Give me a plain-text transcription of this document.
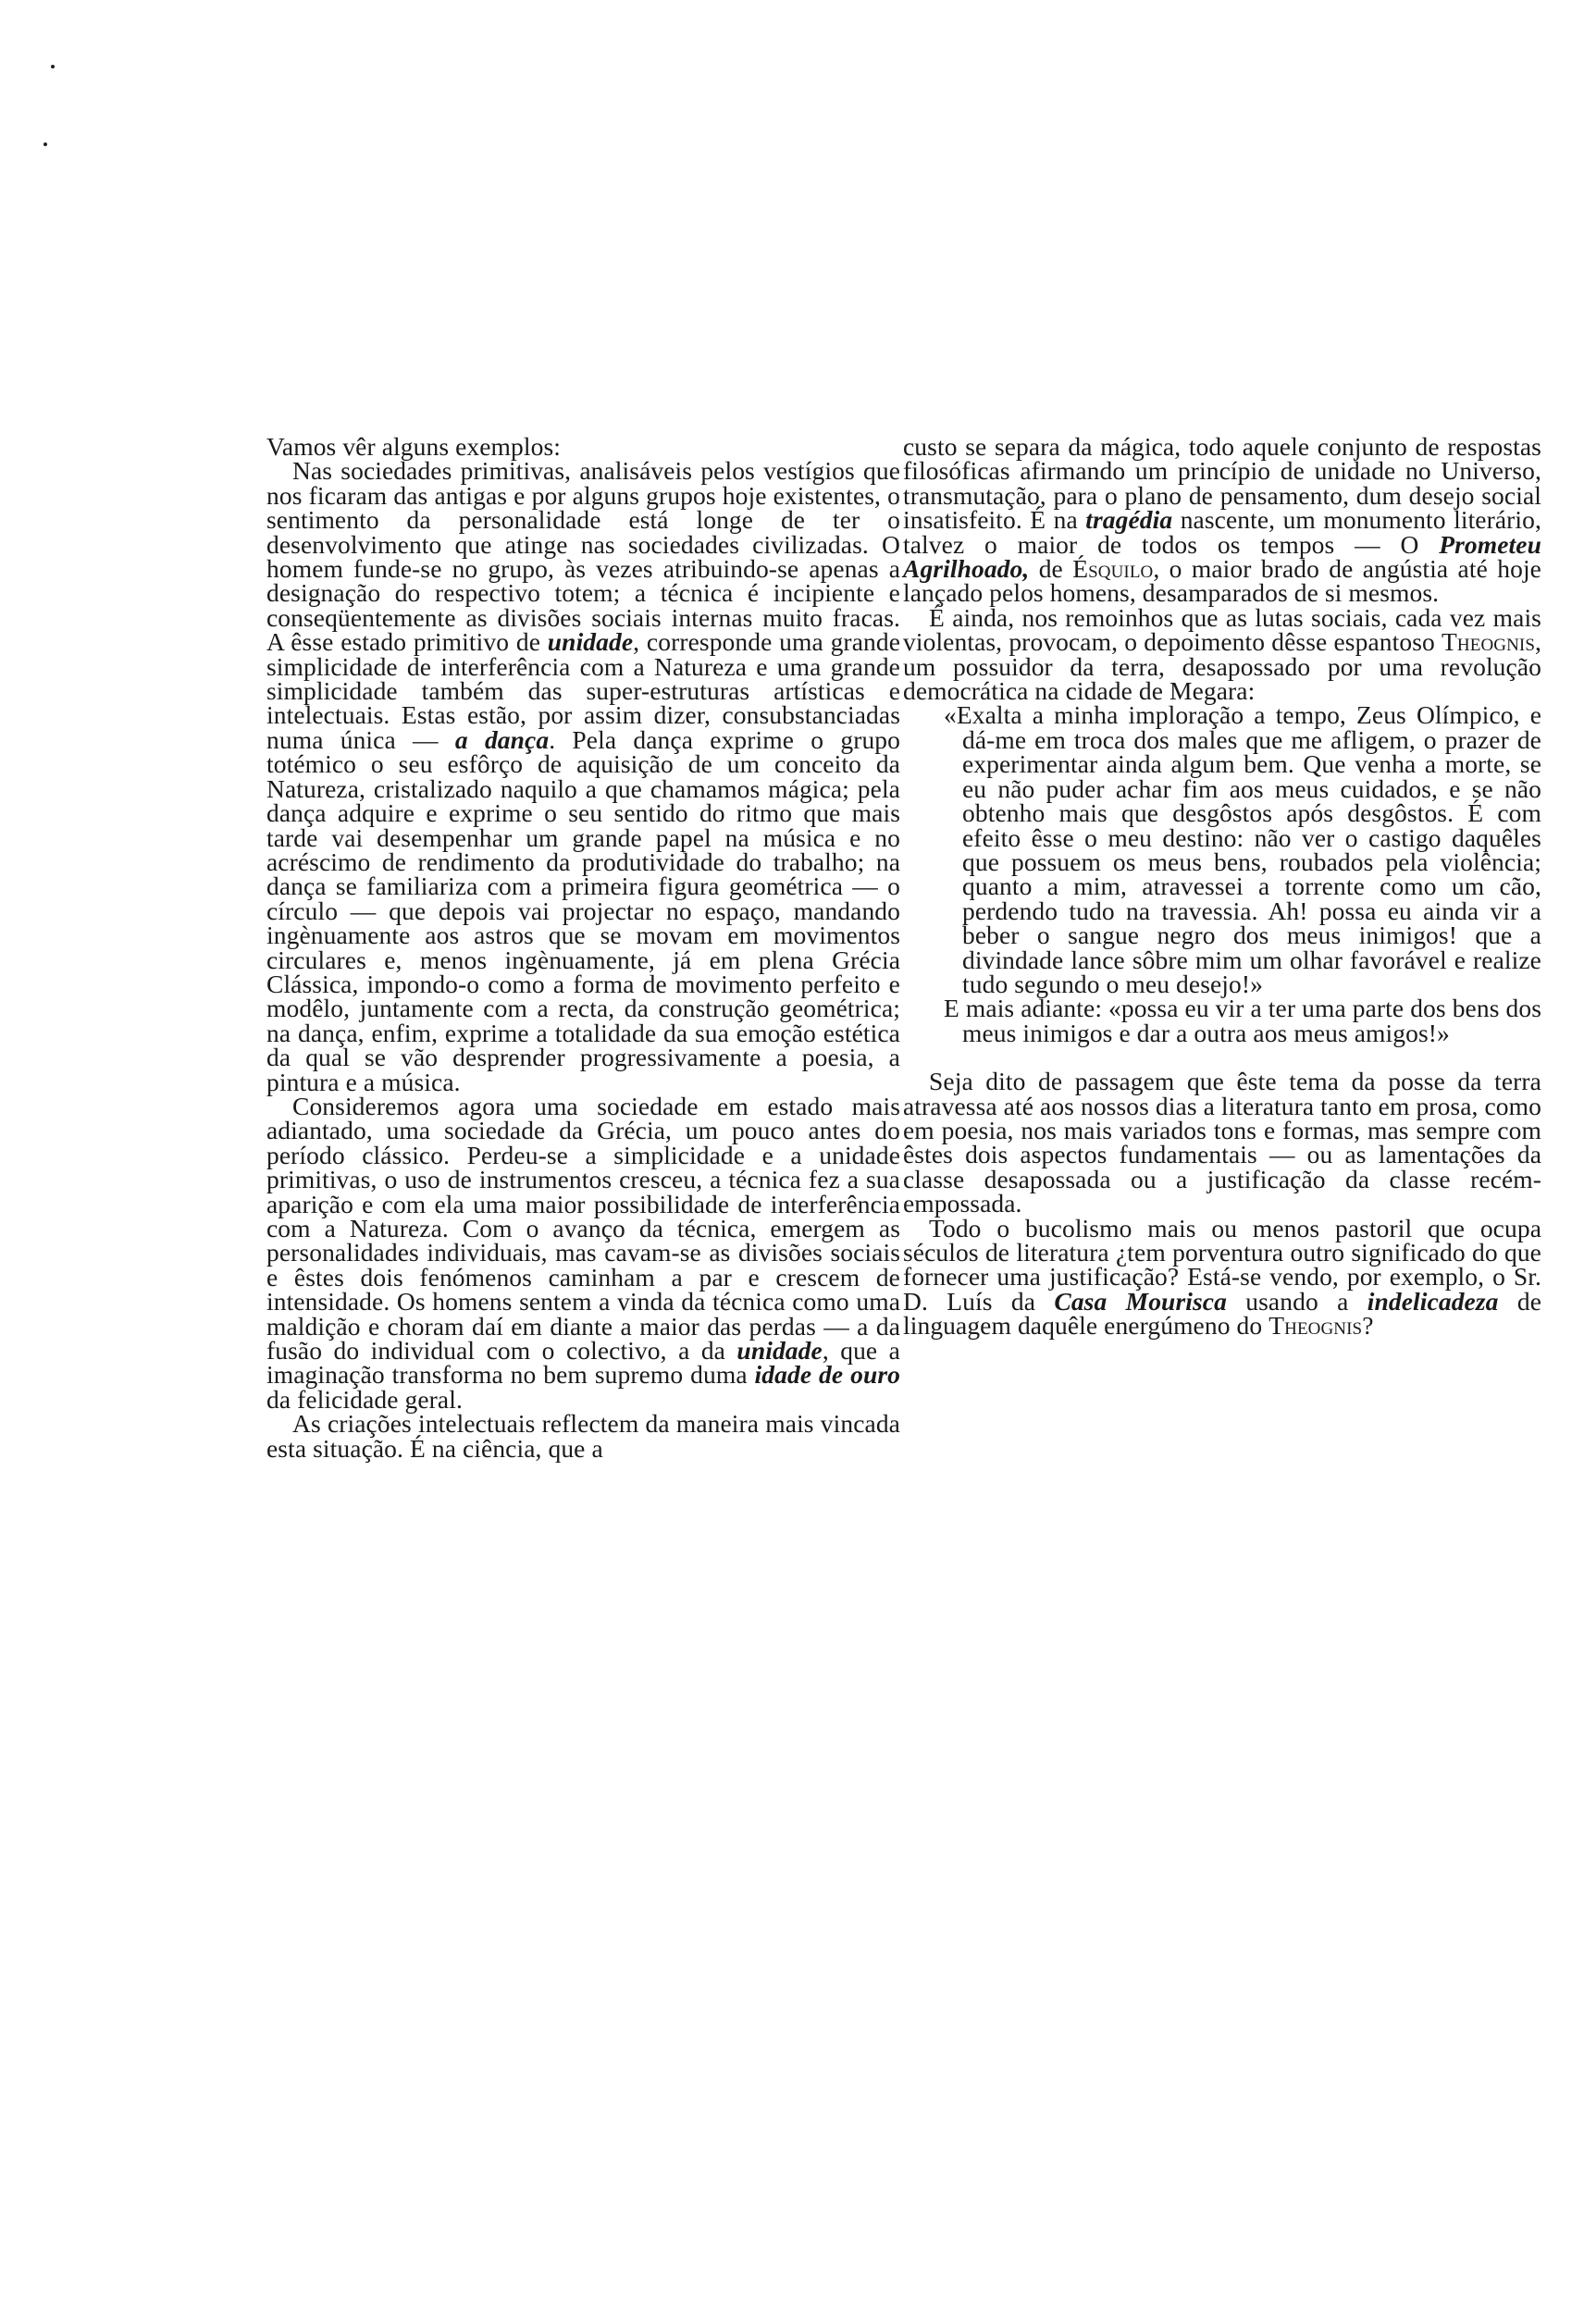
Vamos vêr alguns exemplos:

Nas sociedades primitivas, analisáveis pelos vestígios que nos ficaram das antigas e por alguns grupos hoje existentes, o sentimento da personalidade está longe de ter o desenvolvimento que atinge nas sociedades civilizadas. O homem funde-se no grupo, às vezes atribuindo-se apenas a designação do respectivo totem; a técnica é incipiente e conseqüentemente as divisões sociais internas muito fracas. A êsse estado primitivo de unidade, corresponde uma grande simplicidade de interferência com a Natureza e uma grande simplicidade também das super-estruturas artísticas e intelectuais. Estas estão, por assim dizer, consubstanciadas numa única — a dança. Pela dança exprime o grupo totémico o seu esfôrço de aquisição de um conceito da Natureza, cristalizado naquilo a que chamamos mágica; pela dança adquire e exprime o seu sentido do ritmo que mais tarde vai desempenhar um grande papel na música e no acréscimo de rendimento da produtividade do trabalho; na dança se familiariza com a primeira figura geométrica — o círculo — que depois vai projectar no espaço, mandando ingènuamente aos astros que se movam em movimentos circulares e, menos ingènuamente, já em plena Grécia Clássica, impondo-o como a forma de movimento perfeito e modêlo, juntamente com a recta, da construção geométrica; na dança, enfim, exprime a totalidade da sua emoção estética da qual se vão desprender progressivamente a poesia, a pintura e a música.

Consideremos agora uma sociedade em estado mais adiantado, uma sociedade da Grécia, um pouco antes do período clássico. Perdeu-se a simplicidade e a unidade primitivas, o uso de instrumentos cresceu, a técnica fez a sua aparição e com ela uma maior possibilidade de interferência com a Natureza. Com o avanço da técnica, emergem as personalidades individuais, mas cavam-se as divisões sociais e êstes dois fenómenos caminham a par e crescem de intensidade. Os homens sentem a vinda da técnica como uma maldição e choram daí em diante a maior das perdas — a da fusão do individual com o colectivo, a da unidade, que a imaginação transforma no bem supremo duma idade de ouro da felicidade geral.

As criações intelectuais reflectem da maneira mais vincada esta situação. É na ciência, que a

custo se separa da mágica, todo aquele conjunto de respostas filosóficas afirmando um princípio de unidade no Universo, transmutação, para o plano de pensamento, dum desejo social insatisfeito. É na tragédia nascente, um monumento literário, talvez o maior de todos os tempos — O Prometeu Agrilhoado, de Ésquilo, o maior brado de angústia até hoje lançado pelos homens, desamparados de si mesmos.

É ainda, nos remoinhos que as lutas sociais, cada vez mais violentas, provocam, o depoimento dêsse espantoso Theognis, um possuidor da terra, desapossado por uma revolução democrática na cidade de Megara:

«Exalta a minha imploração a tempo, Zeus Olímpico, e dá-me em troca dos males que me afligem, o prazer de experimentar ainda algum bem. Que venha a morte, se eu não puder achar fim aos meus cuidados, e se não obtenho mais que desgôstos após desgôstos. É com efeito êsse o meu destino: não ver o castigo daquêles que possuem os meus bens, roubados pela violência; quanto a mim, atravessei a torrente como um cão, perdendo tudo na travessia. Ah! possa eu ainda vir a beber o sangue negro dos meus inimigos! que a divindade lance sôbre mim um olhar favorável e realize tudo segundo o meu desejo!»

E mais adiante: «possa eu vir a ter uma parte dos bens dos meus inimigos e dar a outra aos meus amigos!»

Seja dito de passagem que êste tema da posse da terra atravessa até aos nossos dias a literatura tanto em prosa, como em poesia, nos mais variados tons e formas, mas sempre com êstes dois aspectos fundamentais — ou as lamentações da classe desapossada ou a justificação da classe recém-empossada.

Todo o bucolismo mais ou menos pastoril que ocupa séculos de literatura ¿tem porventura outro significado do que fornecer uma justificação? Está-se vendo, por exemplo, o Sr. D. Luís da Casa Mourisca usando a indelicadeza de linguagem daquêle energúmeno do Theognis?
